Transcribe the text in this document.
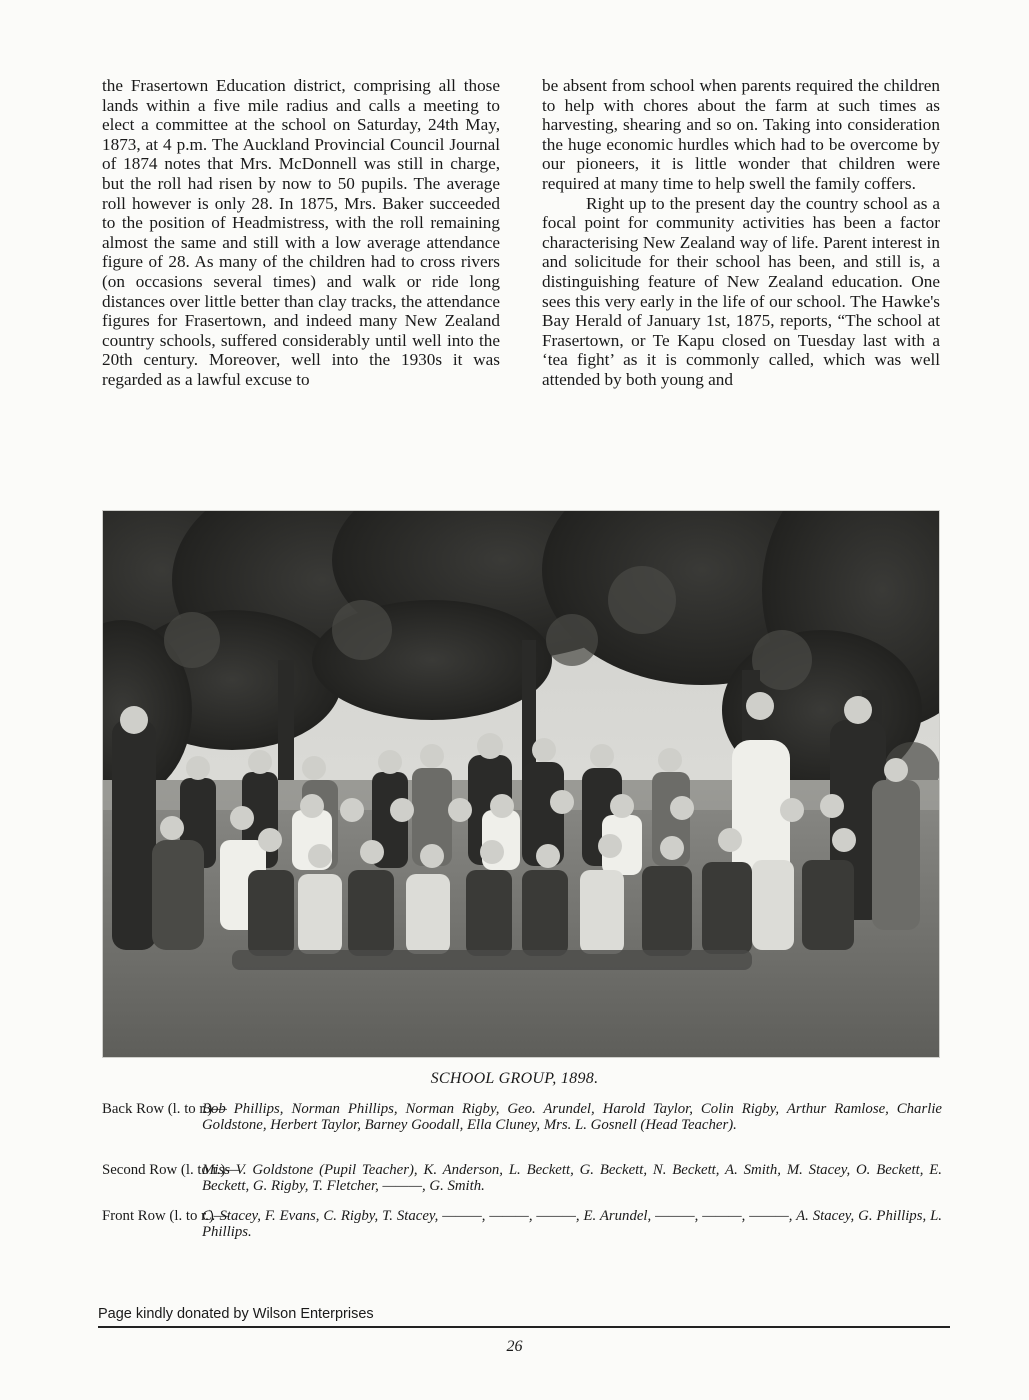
the Frasertown Education district, comprising all those lands within a five mile radius and calls a meeting to elect a committee at the school on Saturday, 24th May, 1873, at 4 p.m. The Auckland Provincial Council Journal of 1874 notes that Mrs. McDonnell was still in charge, but the roll had risen by now to 50 pupils. The average roll however is only 28. In 1875, Mrs. Baker succeeded to the position of Headmistress, with the roll remaining almost the same and still with a low average attendance figure of 28. As many of the children had to cross rivers (on occasions several times) and walk or ride long distances over little better than clay tracks, the attendance figures for Frasertown, and indeed many New Zealand country schools, suffered considerably until well into the 20th century. Moreover, well into the 1930s it was regarded as a lawful excuse to

be absent from school when parents required the children to help with chores about the farm at such times as harvesting, shearing and so on. Taking into consideration the huge economic hurdles which had to be overcome by our pioneers, it is little wonder that children were required at many time to help swell the family coffers.

Right up to the present day the country school as a focal point for community activities has been a factor characterising New Zealand way of life. Parent interest in and solicitude for their school has been, and still is, a distinguishing feature of New Zealand education. One sees this very early in the life of our school. The Hawke's Bay Herald of January 1st, 1875, reports, “The school at Frasertown, or Te Kapu closed on Tuesday last with a ‘tea fight’ as it is commonly called, which was well attended by both young and

SCHOOL GROUP, 1898.
Back Row (l. to r.)—
Bob Phillips, Norman Phillips, Norman Rigby, Geo. Arundel, Harold Taylor, Colin Rigby, Arthur Ramlose, Charlie Goldstone, Herbert Taylor, Barney Goodall, Ella Cluney, Mrs. L. Gosnell (Head Teacher).
Second Row (l. to r.)—
Miss V. Goldstone (Pupil Teacher), K. Anderson, L. Beckett, G. Beckett, N. Beckett, A. Smith, M. Stacey, O. Beckett, E. Beckett, G. Rigby, T. Fletcher, ———, G. Smith.
Front Row (l. to r.)—
C. Stacey, F. Evans, C. Rigby, T. Stacey, ———, ———, ———, E. Arundel, ———, ———, ———, A. Stacey, G. Phillips, L. Phillips.
Page kindly donated by Wilson Enterprises
26
